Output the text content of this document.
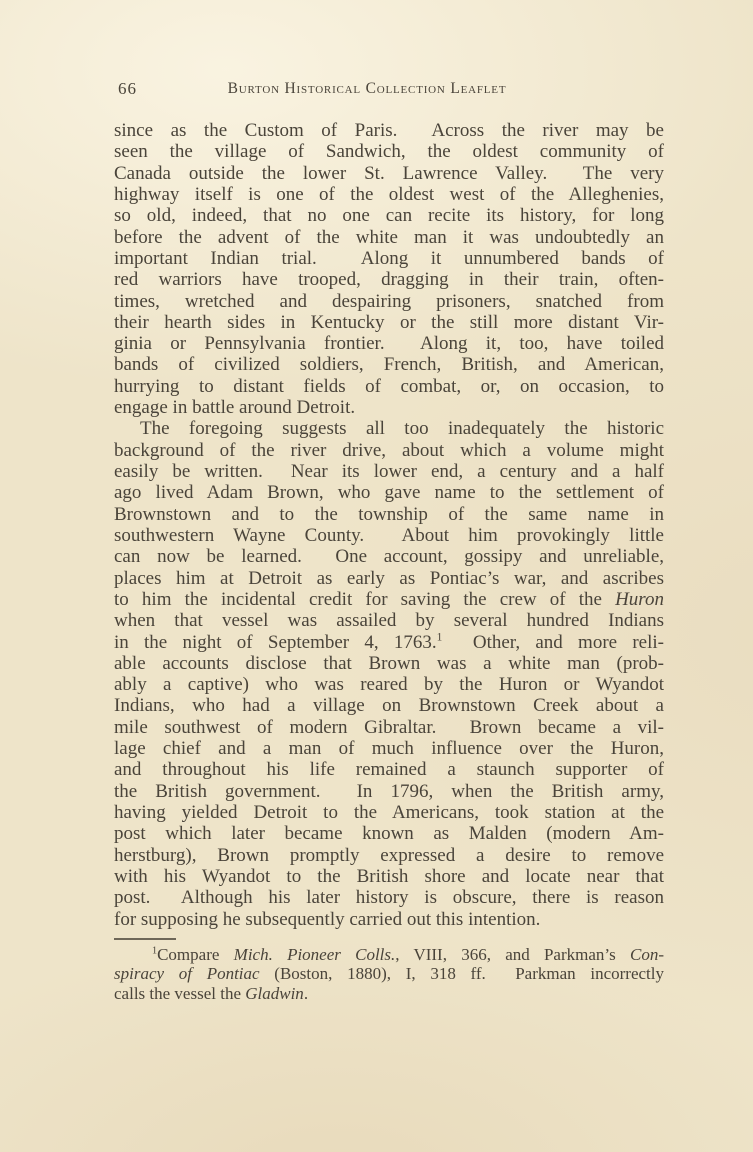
66	Burton Historical Collection Leaflet
since as the Custom of Paris.  Across the river may be
seen the village of Sandwich, the oldest community of
Canada outside the lower St. Lawrence Valley.  The very
highway itself is one of the oldest west of the Alleghenies,
so old, indeed, that no one can recite its history, for long
before the advent of the white man it was undoubtedly an
important Indian trial.  Along it unnumbered bands of
red warriors have trooped, dragging in their train, often-
times, wretched and despairing prisoners, snatched from
their hearth sides in Kentucky or the still more distant Vir-
ginia or Pennsylvania frontier.  Along it, too, have toiled
bands of civilized soldiers, French, British, and American,
hurrying to distant fields of combat, or, on occasion, to
engage in battle around Detroit.
The foregoing suggests all too inadequately the historic
background of the river drive, about which a volume might
easily be written.  Near its lower end, a century and a half
ago lived Adam Brown, who gave name to the settlement of
Brownstown and to the township of the same name in
southwestern Wayne County.  About him provokingly little
can now be learned.  One account, gossipy and unreliable,
places him at Detroit as early as Pontiac’s war, and ascribes
to him the incidental credit for saving the crew of the Huron
when that vessel was assailed by several hundred Indians
in the night of September 4, 1763.$^1$  Other, and more reli-
able accounts disclose that Brown was a white man (prob-
ably a captive) who was reared by the Huron or Wyandot
Indians, who had a village on Brownstown Creek about a
mile southwest of modern Gibraltar.  Brown became a vil-
lage chief and a man of much influence over the Huron,
and throughout his life remained a staunch supporter of
the British government.  In 1796, when the British army,
having yielded Detroit to the Americans, took station at the
post which later became known as Malden (modern Am-
herstburg), Brown promptly expressed a desire to remove
with his Wyandot to the British shore and locate near that
post.  Although his later history is obscure, there is reason
for supposing he subsequently carried out this intention.
$^1$Compare Mich. Pioneer Colls., VIII, 366, and Parkman’s Con-
spiracy of Pontiac (Boston, 1880), I, 318 ff.  Parkman incorrectly
calls the vessel the Gladwin.
